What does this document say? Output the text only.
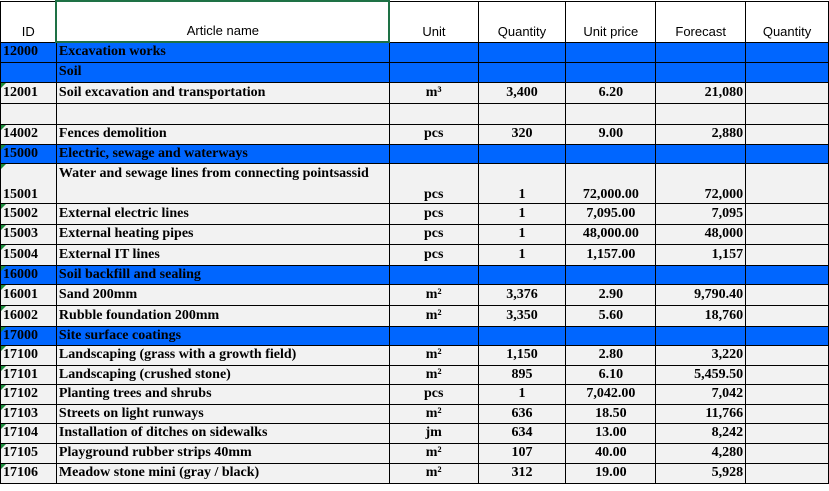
ID	Article name	Unit	Quantity	Unit price	Forecast	Quantity
12000	Excavation works					
	Soil					
12001	Soil excavation and transportation	m³	3,400	6.20	21,080	

14002	Fences demolition	pcs	320	9.00	2,880	
15000	Electric, sewage and waterways					
15001	Water and sewage lines from connecting pointsassid	pcs	1	72,000.00	72,000	
15002	External electric lines	pcs	1	7,095.00	7,095	
15003	External heating pipes	pcs	1	48,000.00	48,000	
15004	External IT lines	pcs	1	1,157.00	1,157	
16000	Soil backfill and sealing					
16001	Sand 200mm	m²	3,376	2.90	9,790.40	
16002	Rubble foundation 200mm	m²	3,350	5.60	18,760	
17000	Site surface coatings					
17100	Landscaping (grass with a growth field)	m²	1,150	2.80	3,220	
17101	Landscaping (crushed stone)	m²	895	6.10	5,459.50	
17102	Planting trees and shrubs	pcs	1	7,042.00	7,042	
17103	Streets on light runways	m²	636	18.50	11,766	
17104	Installation of ditches on sidewalks	jm	634	13.00	8,242	
17105	Playground rubber strips 40mm	m²	107	40.00	4,280	
17106	Meadow stone mini (gray / black)	m²	312	19.00	5,928	
